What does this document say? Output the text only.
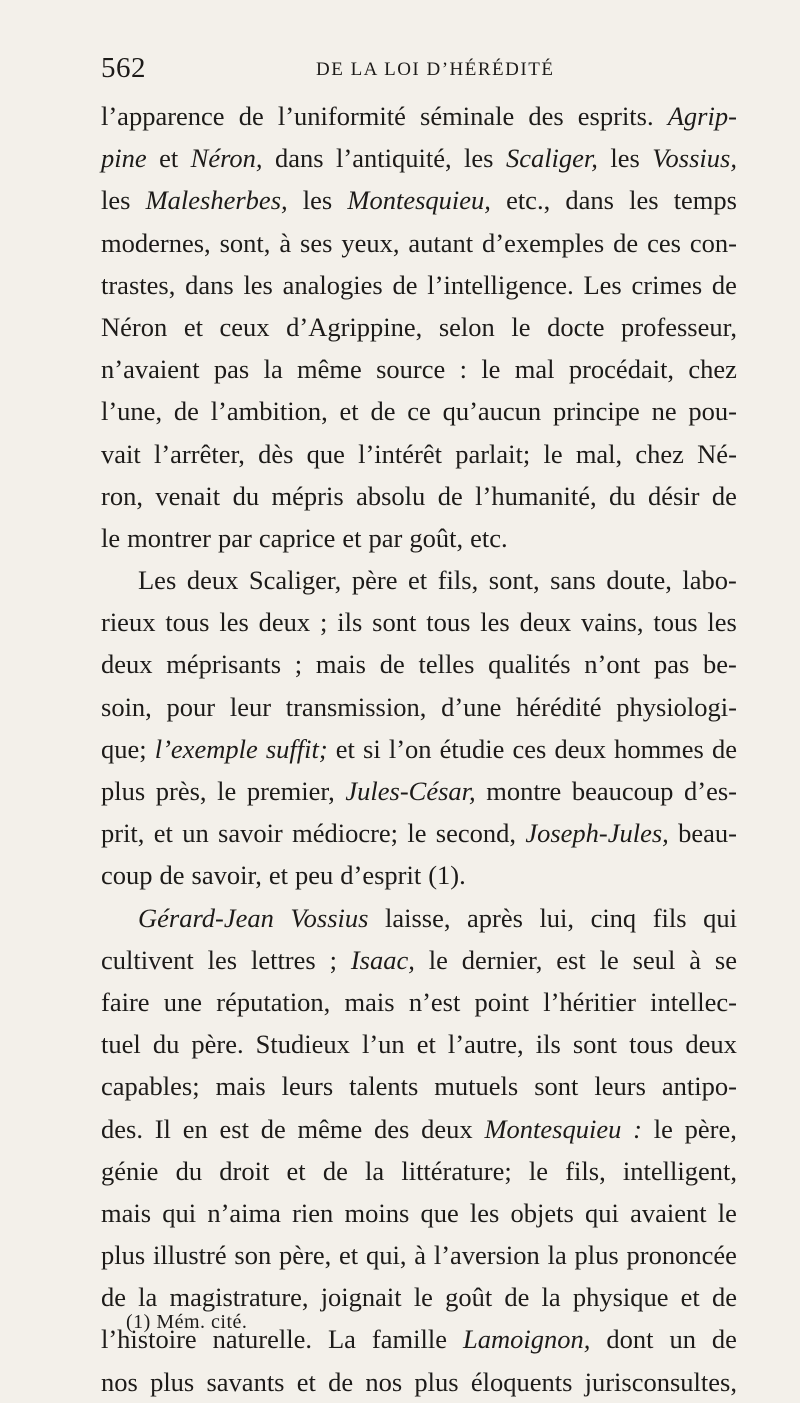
562	DE LA LOI D’HÉRÉDITÉ
l’apparence de l’uniformité séminale des esprits. Agrip-
pine et Néron, dans l’antiquité, les Scaliger, les Vossius,
les Malesherbes, les Montesquieu, etc., dans les temps
modernes, sont, à ses yeux, autant d’exemples de ces con-
trastes, dans les analogies de l’intelligence. Les crimes de
Néron et ceux d’Agrippine, selon le docte professeur,
n’avaient pas la même source : le mal procédait, chez
l’une, de l’ambition, et de ce qu’aucun principe ne pou-
vait l’arrêter, dès que l’intérêt parlait; le mal, chez Né-
ron, venait du mépris absolu de l’humanité, du désir de
le montrer par caprice et par goût, etc.
Les deux Scaliger, père et fils, sont, sans doute, labo-
rieux tous les deux ; ils sont tous les deux vains, tous les
deux méprisants ; mais de telles qualités n’ont pas be-
soin, pour leur transmission, d’une hérédité physiologi-
que; l’exemple suffit; et si l’on étudie ces deux hommes de
plus près, le premier, Jules-César, montre beaucoup d’es-
prit, et un savoir médiocre; le second, Joseph-Jules, beau-
coup de savoir, et peu d’esprit (1).
Gérard-Jean Vossius laisse, après lui, cinq fils qui
cultivent les lettres ; Isaac, le dernier, est le seul à se
faire une réputation, mais n’est point l’héritier intellec-
tuel du père. Studieux l’un et l’autre, ils sont tous deux
capables; mais leurs talents mutuels sont leurs antipo-
des. Il en est de même des deux Montesquieu : le père,
génie du droit et de la littérature; le fils, intelligent,
mais qui n’aima rien moins que les objets qui avaient le
plus illustré son père, et qui, à l’aversion la plus prononcée
de la magistrature, joignait le goût de la physique et de
l’histoire naturelle. La famille Lamoignon, dont un de
nos plus savants et de nos plus éloquents jurisconsultes,
(1) Mém. cité.
